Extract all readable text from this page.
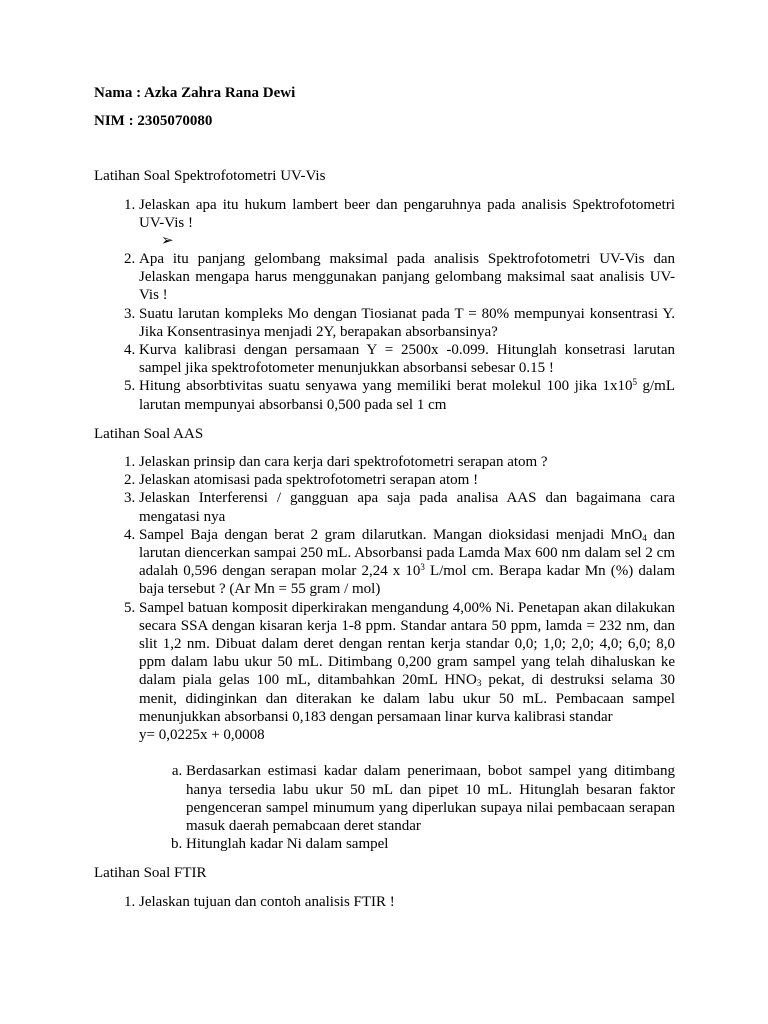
Nama : Azka Zahra Rana Dewi

NIM : 2305070080

Latihan Soal Spektrofotometri UV-Vis

1. Jelaskan apa itu hukum lambert beer dan pengaruhnya pada analisis Spektrofotometri UV-Vis !
➢
2. Apa itu panjang gelombang maksimal pada analisis Spektrofotometri UV-Vis dan Jelaskan mengapa harus menggunakan panjang gelombang maksimal saat analisis UV-Vis !
3. Suatu larutan kompleks Mo dengan Tiosianat pada T = 80% mempunyai konsentrasi Y. Jika Konsentrasinya menjadi 2Y, berapakan absorbansinya?
4. Kurva kalibrasi dengan persamaan Y = 2500x -0.099. Hitunglah konsetrasi larutan sampel jika spektrofotometer menunjukkan absorbansi sebesar 0.15 !
5. Hitung absorbtivitas suatu senyawa yang memiliki berat molekul 100 jika $1x10^5$ g/mL larutan mempunyai absorbansi 0,500 pada sel 1 cm

Latihan Soal AAS

1. Jelaskan prinsip dan cara kerja dari spektrofotometri serapan atom ?
2. Jelaskan atomisasi pada spektrofotometri serapan atom !
3. Jelaskan Interferensi / gangguan apa saja pada analisa AAS dan bagaimana cara mengatasi nya
4. Sampel Baja dengan berat 2 gram dilarutkan. Mangan dioksidasi menjadi MnO$_4$ dan larutan diencerkan sampai 250 mL. Absorbansi pada Lamda Max 600 nm dalam sel 2 cm adalah 0,596 dengan serapan molar 2,24 x $10^3$ L/mol cm. Berapa kadar Mn (%) dalam baja tersebut ? (Ar Mn = 55 gram / mol)
5. Sampel batuan komposit diperkirakan mengandung 4,00% Ni. Penetapan akan dilakukan secara SSA dengan kisaran kerja 1-8 ppm. Standar antara 50 ppm, lamda = 232 nm, dan slit 1,2 nm. Dibuat dalam deret dengan rentan kerja standar 0,0; 1,0; 2,0; 4,0; 6,0; 8,0 ppm dalam labu ukur 50 mL. Ditimbang 0,200 gram sampel yang telah dihaluskan ke dalam piala gelas 100 mL, ditambahkan 20mL $HNO_3$ pekat, di destruksi selama 30 menit, didinginkan dan diterakan ke dalam labu ukur 50 mL. Pembacaan sampel menunjukkan absorbansi 0,183 dengan persamaan linar kurva kalibrasi standar
y= 0,0225x + 0,0008
a. Berdasarkan estimasi kadar dalam penerimaan, bobot sampel yang ditimbang hanya tersedia labu ukur 50 mL dan pipet 10 mL. Hitunglah besaran faktor pengenceran sampel minumum yang diperlukan supaya nilai pembacaan serapan masuk daerah pemabcaan deret standar
b. Hitunglah kadar Ni dalam sampel

Latihan Soal FTIR

1. Jelaskan tujuan dan contoh analisis FTIR !
